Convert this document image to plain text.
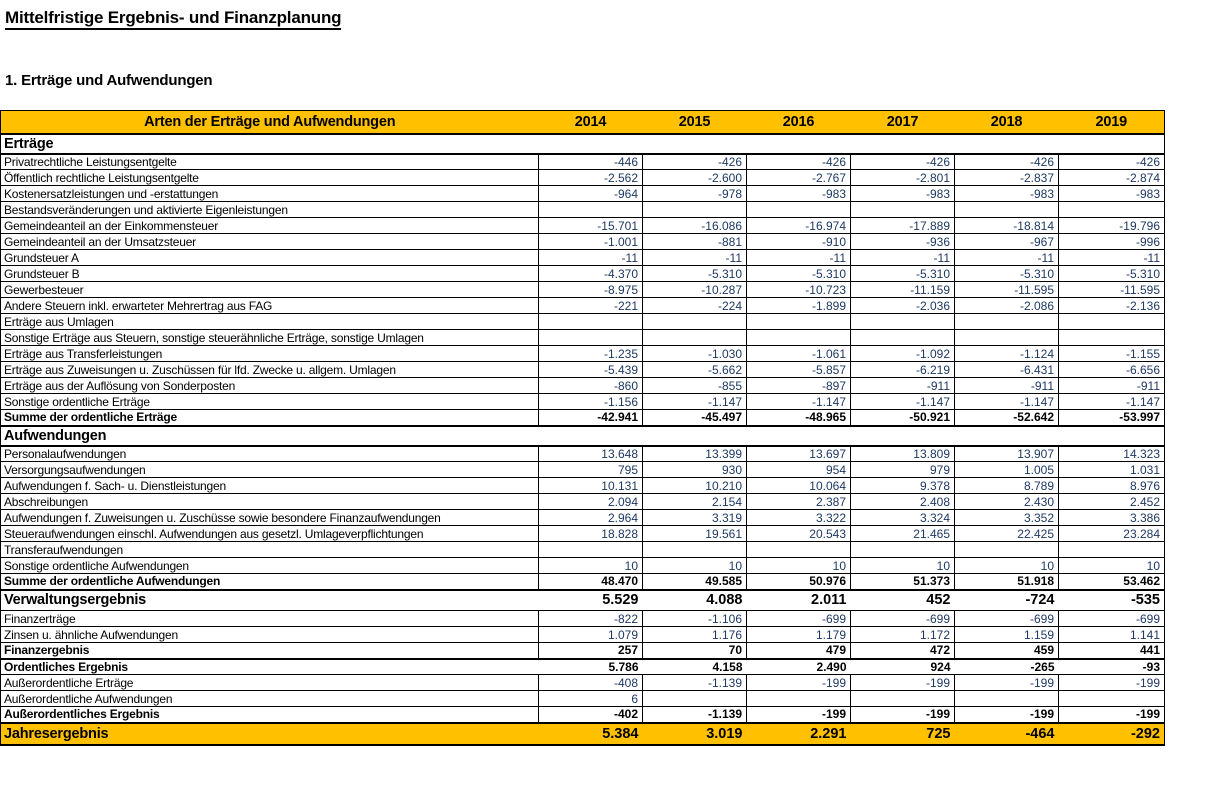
Mittelfristige Ergebnis- und Finanzplanung
1. Erträge und Aufwendungen
Arten der Erträge und Aufwendungen	2014	2015	2016	2017	2018	2019
Erträge						
Privatrechtliche Leistungsentgelte	-446	-426	-426	-426	-426	-426
Öffentlich rechtliche Leistungsentgelte	-2.562	-2.600	-2.767	-2.801	-2.837	-2.874
Kostenersatzleistungen und -erstattungen	-964	-978	-983	-983	-983	-983
Bestandsveränderungen und aktivierte Eigenleistungen						
Gemeindeanteil an der Einkommensteuer	-15.701	-16.086	-16.974	-17.889	-18.814	-19.796
Gemeindeanteil an der Umsatzsteuer	-1.001	-881	-910	-936	-967	-996
Grundsteuer A	-11	-11	-11	-11	-11	-11
Grundsteuer B	-4.370	-5.310	-5.310	-5.310	-5.310	-5.310
Gewerbesteuer	-8.975	-10.287	-10.723	-11.159	-11.595	-11.595
Andere Steuern inkl. erwarteter Mehrertrag aus FAG	-221	-224	-1.899	-2.036	-2.086	-2.136
Erträge aus Umlagen						
Sonstige Erträge aus Steuern, sonstige steuerähnliche Erträge, sonstige Umlagen						
Erträge aus Transferleistungen	-1.235	-1.030	-1.061	-1.092	-1.124	-1.155
Erträge aus Zuweisungen u. Zuschüssen für lfd. Zwecke u. allgem. Umlagen	-5.439	-5.662	-5.857	-6.219	-6.431	-6.656
Erträge aus der Auflösung von Sonderposten	-860	-855	-897	-911	-911	-911
Sonstige ordentliche Erträge	-1.156	-1.147	-1.147	-1.147	-1.147	-1.147
Summe der ordentliche Erträge	-42.941	-45.497	-48.965	-50.921	-52.642	-53.997
Aufwendungen						
Personalaufwendungen	13.648	13.399	13.697	13.809	13.907	14.323
Versorgungsaufwendungen	795	930	954	979	1.005	1.031
Aufwendungen f. Sach- u. Dienstleistungen	10.131	10.210	10.064	9.378	8.789	8.976
Abschreibungen	2.094	2.154	2.387	2.408	2.430	2.452
Aufwendungen f. Zuweisungen u. Zuschüsse sowie besondere Finanzaufwendungen	2.964	3.319	3.322	3.324	3.352	3.386
Steueraufwendungen einschl. Aufwendungen aus gesetzl. Umlageverpflichtungen	18.828	19.561	20.543	21.465	22.425	23.284
Transferaufwendungen						
Sonstige ordentliche Aufwendungen	10	10	10	10	10	10
Summe der ordentliche Aufwendungen	48.470	49.585	50.976	51.373	51.918	53.462
Verwaltungsergebnis	5.529	4.088	2.011	452	-724	-535
Finanzerträge	-822	-1.106	-699	-699	-699	-699
Zinsen u. ähnliche Aufwendungen	1.079	1.176	1.179	1.172	1.159	1.141
Finanzergebnis	257	70	479	472	459	441
Ordentliches Ergebnis	5.786	4.158	2.490	924	-265	-93
Außerordentliche Erträge	-408	-1.139	-199	-199	-199	-199
Außerordentliche Aufwendungen	6					
Außerordentliches Ergebnis	-402	-1.139	-199	-199	-199	-199
Jahresergebnis	5.384	3.019	2.291	725	-464	-292
